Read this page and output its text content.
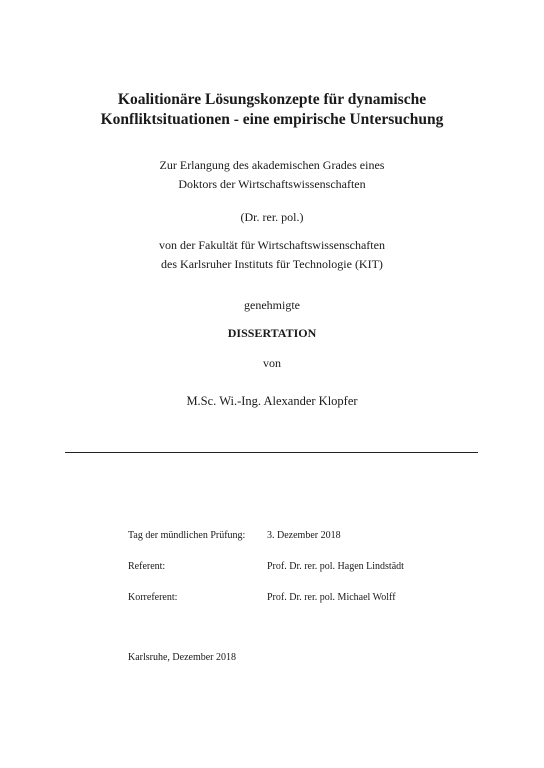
Koalitionäre Lösungskonzepte für dynamische
Konfliktsituationen - eine empirische Untersuchung
Zur Erlangung des akademischen Grades eines
Doktors der Wirtschaftswissenschaften
(Dr. rer. pol.)
von der Fakultät für Wirtschaftswissenschaften
des Karlsruher Instituts für Technologie (KIT)
genehmigte
DISSERTATION
von
M.Sc. Wi.-Ing. Alexander Klopfer
Tag der mündlichen Prüfung: 3. Dezember 2018
Referent:	Prof. Dr. rer. pol. Hagen Lindstädt
Korreferent:	Prof. Dr. rer. pol. Michael Wolff
Karlsruhe, Dezember 2018
